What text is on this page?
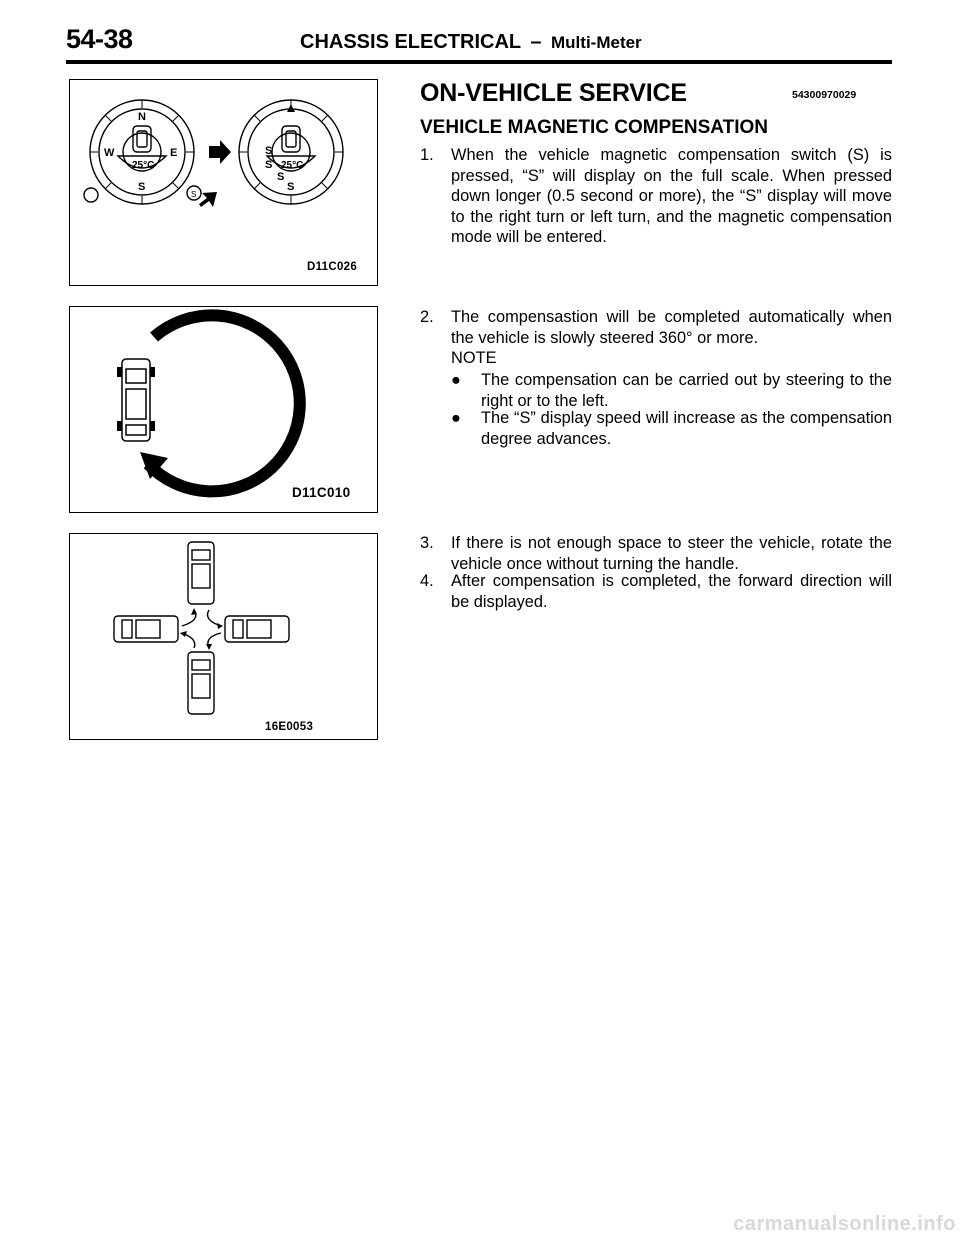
54-38	CHASSIS ELECTRICAL – Multi-Meter
N
E
S
W
25°C
S
S
S
S
S
25°C
D11C026
D11C010
16E0053
ON-VEHICLE SERVICE	54300970029
VEHICLE MAGNETIC COMPENSATION
1. When the vehicle magnetic compensation switch (S) is pressed, “S” will display on the full scale. When pressed down longer (0.5 second or more), the “S” display will move to the right turn or left turn, and the magnetic compensation mode will be entered.
2. The compensastion will be completed automatically when the vehicle is slowly steered 360° or more.
NOTE
● The compensation can be carried out by steering to the right or to the left.
● The “S” display speed will increase as the compensation degree advances.
3. If there is not enough space to steer the vehicle, rotate the vehicle once without turning the handle.
4. After compensation is completed, the forward direction will be displayed.
carmanualsonline.info
